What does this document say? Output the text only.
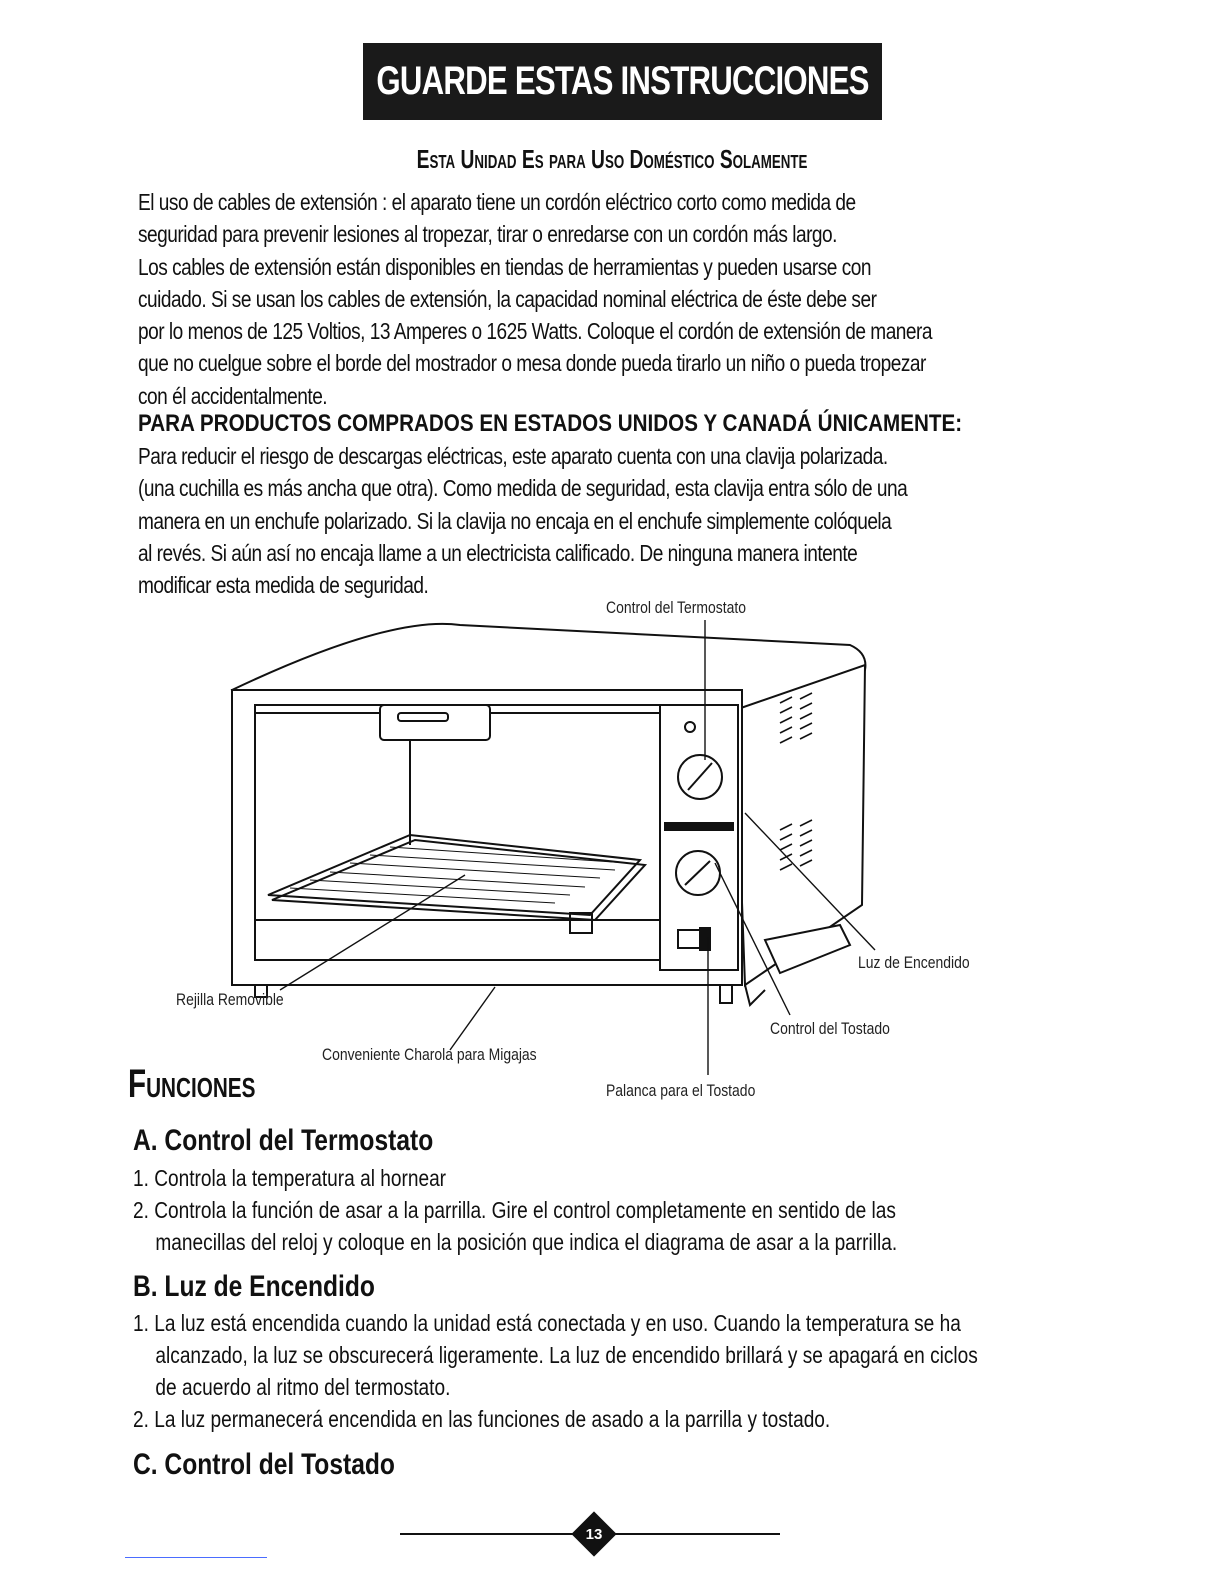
GUARDE ESTAS INSTRUCCIONES
Esta Unidad Es para Uso Doméstico Solamente
El uso de cables de extensión : el aparato tiene un cordón eléctrico corto como medida de
seguridad para prevenir lesiones al tropezar, tirar o enredarse con un cordón más largo.
Los cables de extensión están disponibles en tiendas de herramientas y pueden usarse con
cuidado. Si se usan los cables de extensión, la capacidad nominal eléctrica de éste debe ser
por lo menos de 125 Voltios, 13 Amperes o 1625 Watts. Coloque el cordón de extensión de manera
que no cuelgue sobre el borde del mostrador o mesa donde pueda tirarlo un niño o pueda tropezar
con él accidentalmente.
PARA PRODUCTOS COMPRADOS EN ESTADOS UNIDOS Y CANADÁ ÚNICAMENTE:
Para reducir el riesgo de descargas eléctricas, este aparato cuenta con una clavija polarizada.
(una cuchilla es más ancha que otra). Como medida de seguridad, esta clavija entra sólo de una
manera en un enchufe polarizado. Si la clavija no encaja en el enchufe simplemente colóquela
al revés. Si aún así no encaja llame a un electricista calificado. De ninguna manera intente
modificar esta medida de seguridad.
Control del Termostato
Luz de Encendido
Rejilla Removible
Control del Tostado
Conveniente Charola para Migajas
Palanca para el Tostado
Funciones
A. Control del Termostato
1. Controla la temperatura al hornear
2. Controla la función de asar a la parrilla. Gire el control completamente en sentido de las
manecillas del reloj y coloque en la posición que indica el diagrama de asar a la parrilla.
B. Luz de Encendido
1. La luz está encendida cuando la unidad está conectada y en uso. Cuando la temperatura se ha
alcanzado, la luz se obscurecerá ligeramente. La luz de encendido brillará y se apagará en ciclos
de acuerdo al ritmo del termostato.
2. La luz permanecerá encendida en las funciones de asado a la parrilla y tostado.
C. Control del Tostado
13
